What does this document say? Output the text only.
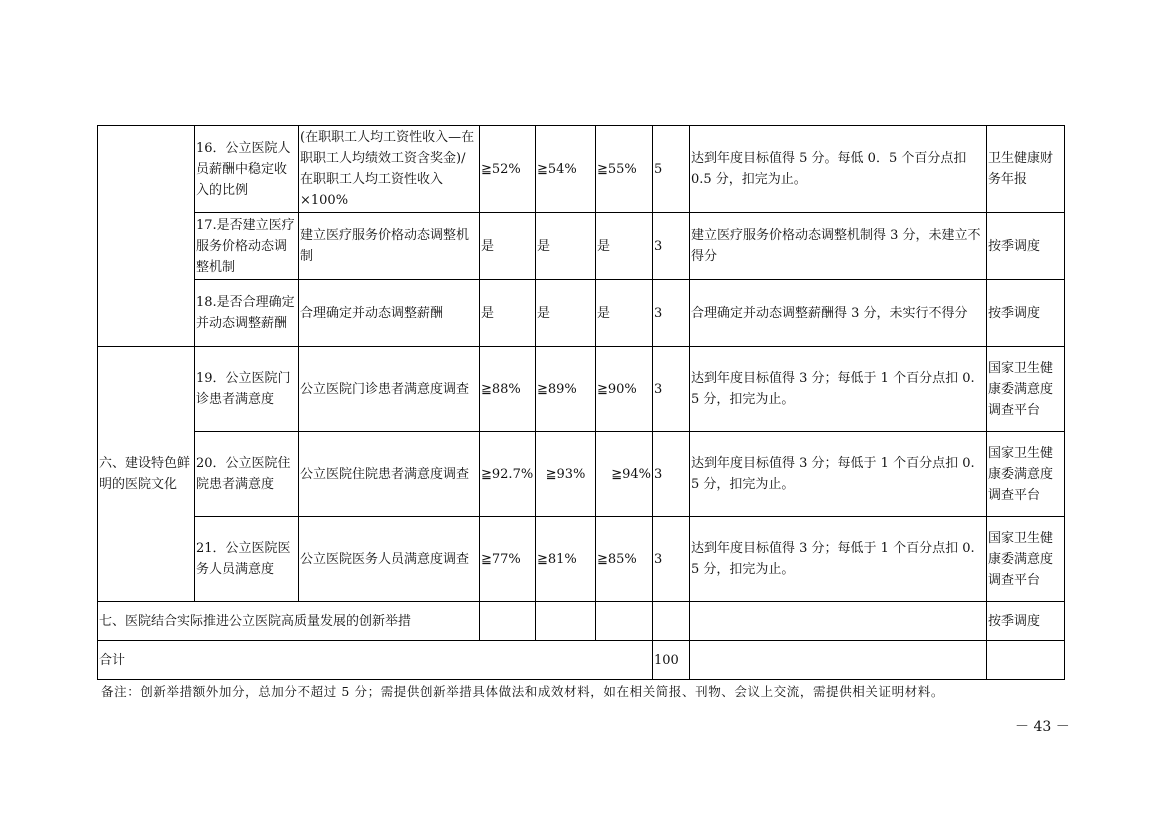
	16．公立医院人员薪酬中稳定收入的比例	(在职职工人均工资性收入—在职职工人均绩效工资含奖金)/在职职工人均工资性收入×100%	≧52%	≧54%	≧55%	5	达到年度目标值得 5 分。每低 0．5 个百分点扣 0.5 分，扣完为止。	卫生健康财务年报
	17.是否建立医疗服务价格动态调整机制	建立医疗服务价格动态调整机制	是	是	是	3	建立医疗服务价格动态调整机制得 3 分，未建立不得分	按季调度
	18.是否合理确定并动态调整薪酬	合理确定并动态调整薪酬	是	是	是	3	合理确定并动态调整薪酬得 3 分，未实行不得分	按季调度
六、建设特色鲜明的医院文化	19．公立医院门诊患者满意度	公立医院门诊患者满意度调查	≧88%	≧89%	≧90%	3	达到年度目标值得 3 分；每低于 1 个百分点扣 0. 5 分，扣完为止。	国家卫生健康委满意度调查平台
	20．公立医院住院患者满意度	公立医院住院患者满意度调查	≧92.7%	≧93%	≧94%	3	达到年度目标值得 3 分；每低于 1 个百分点扣 0. 5 分，扣完为止。	国家卫生健康委满意度调查平台
	21．公立医院医务人员满意度	公立医院医务人员满意度调查	≧77%	≧81%	≧85%	3	达到年度目标值得 3 分；每低于 1 个百分点扣 0. 5 分，扣完为止。	国家卫生健康委满意度调查平台
七、医院结合实际推进公立医院高质量发展的创新举措								按季调度
合计						100		
备注：创新举措额外加分，总加分不超过 5 分；需提供创新举措具体做法和成效材料，如在相关简报、刊物、会议上交流，需提供相关证明材料。
－ 43 －
